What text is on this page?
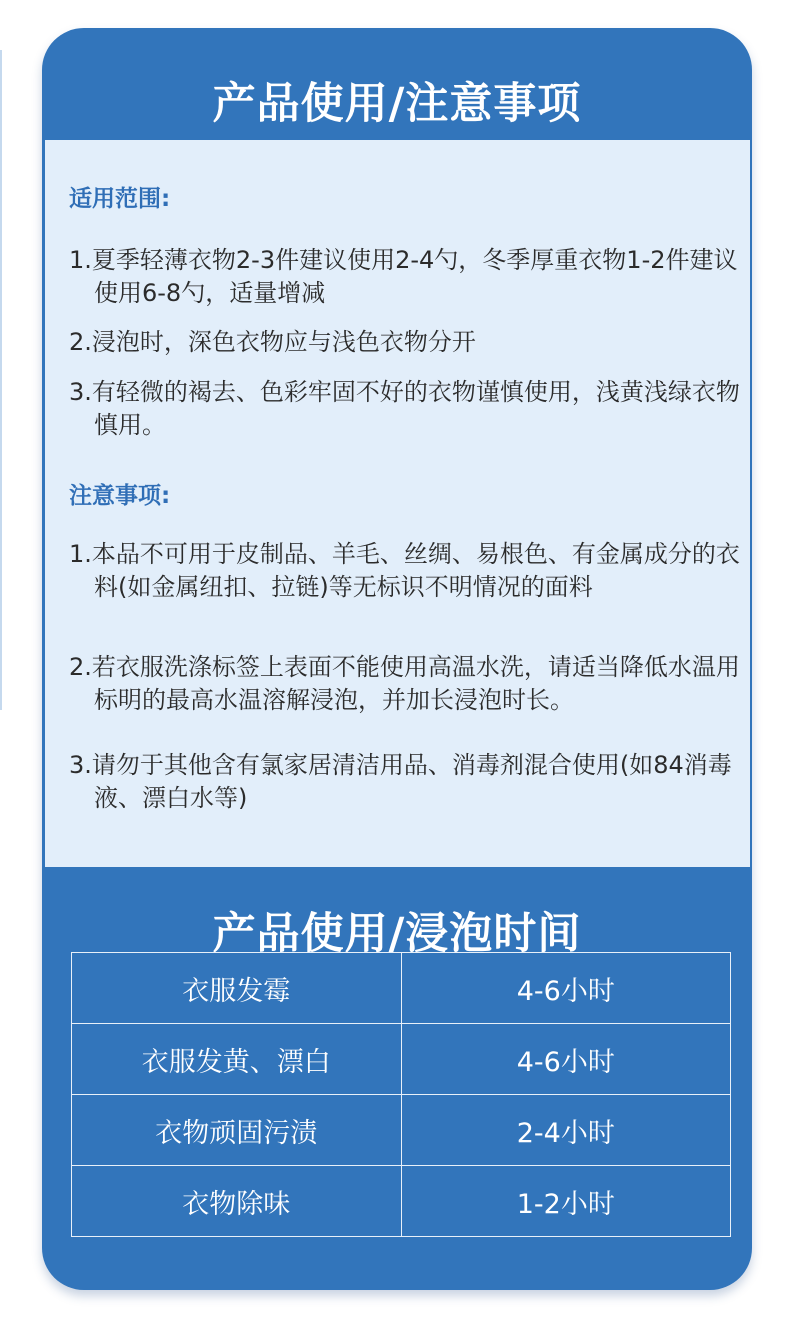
产品使用/注意事项
适用范围:

1.夏季轻薄衣物2-3件建议使用2-4勺，冬季厚重衣物1-2件建议使用6-8勺，适量增减

2.浸泡时，深色衣物应与浅色衣物分开

3.有轻微的褐去、色彩牢固不好的衣物谨慎使用，浅黄浅绿衣物慎用。

注意事项:

1.本品不可用于皮制品、羊毛、丝绸、易根色、有金属成分的衣料(如金属纽扣、拉链)等无标识不明情况的面料

2.若衣服洗涤标签上表面不能使用高温水洗，请适当降低水温用标明的最高水温溶解浸泡，并加长浸泡时长。

3.请勿于其他含有氯家居清洁用品、消毒剂混合使用(如84消毒液、漂白水等)

产品使用/浸泡时间
衣服发霉	4-6小时
衣服发黄、漂白	4-6小时
衣物顽固污渍	2-4小时
衣物除味	1-2小时
